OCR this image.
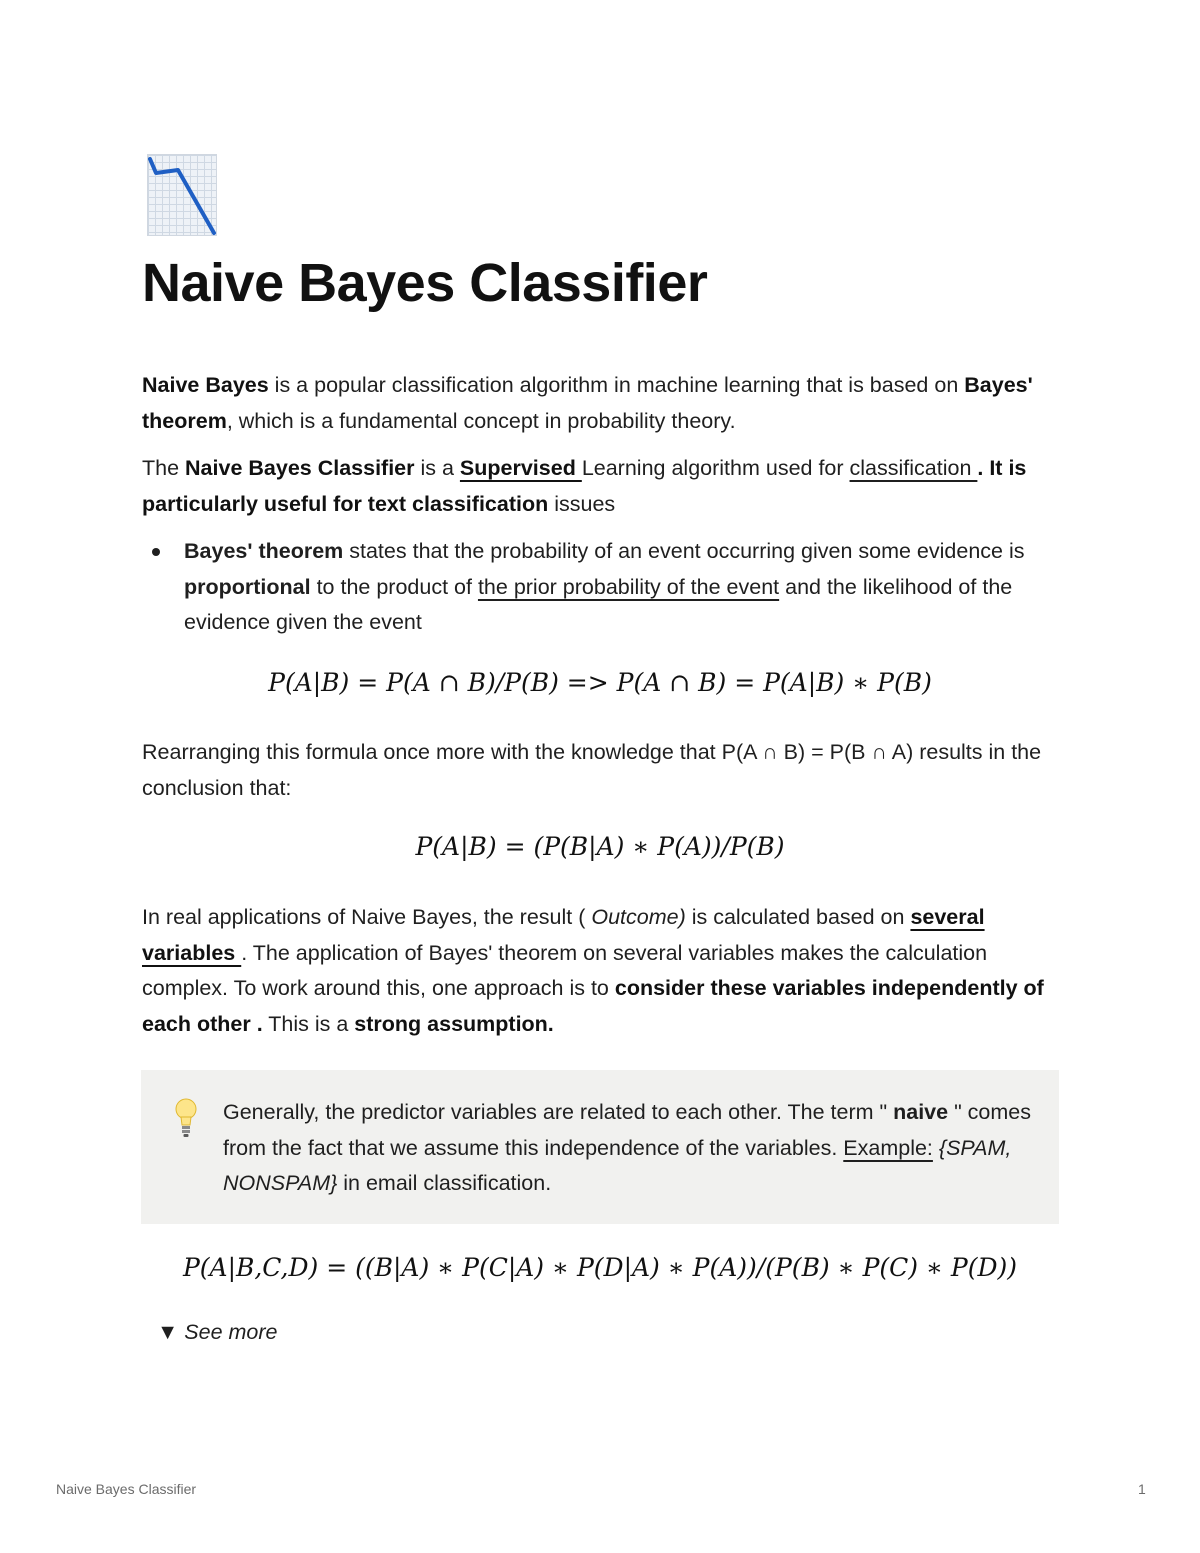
Naive Bayes Classifier

Naive Bayes is a popular classification algorithm in machine learning that is based on Bayes' theorem, which is a fundamental concept in probability theory.

The Naive Bayes Classifier is a Supervised Learning algorithm used for classification . It is particularly useful for text classification issues

Bayes' theorem states that the probability of an event occurring given some evidence is proportional to the product of the prior probability of the event and the likelihood of the evidence given the event

P(A|B) = P(A ∩ B)/P(B) => P(A ∩ B) = P(A|B) ∗ P(B)

Rearranging this formula once more with the knowledge that P(A ∩ B) = P(B ∩ A) results in the conclusion that:

P(A|B) = (P(B|A) ∗ P(A))/P(B)

In real applications of Naive Bayes, the result ( Outcome) is calculated based on several variables . The application of Bayes' theorem on several variables makes the calculation complex. To work around this, one approach is to consider these variables independently of each other . This is a strong assumption.

Generally, the predictor variables are related to each other. The term " naive " comes from the fact that we assume this independence of the variables. Example: {SPAM, NONSPAM} in email classification.

P(A|B,C,D) = ((B|A) ∗ P(C|A) ∗ P(D|A) ∗ P(A))/(P(B) ∗ P(C) ∗ P(D))

▼ See more
Naive Bayes Classifier	1
